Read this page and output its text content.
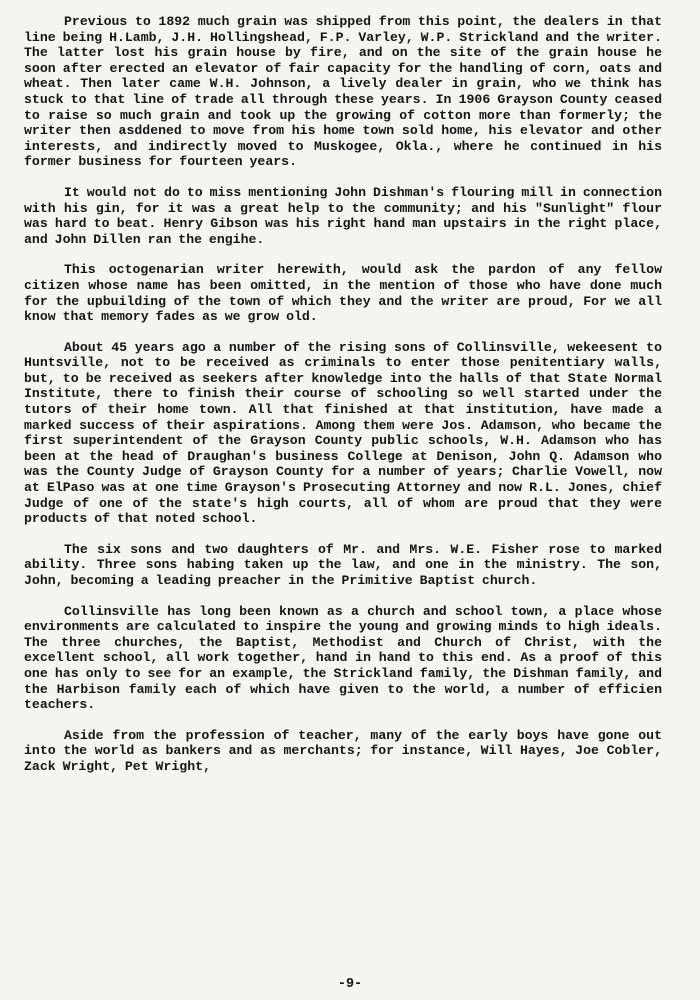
Previous to 1892 much grain was shipped from this point, the dealers in that line being H.Lamb, J.H. Hollingshead, F.P. Varley, W.P. Strickland and the writer. The latter lost his grain house by fire, and on the site of the grain house he soon after erected an elevator of fair capacity for the handling of corn, oats and wheat. Then later came W.H. Johnson, a lively dealer in grain, who we think has stuck to that line of trade all through these years. In 1906 Grayson County ceased to raise so much grain and took up the growing of cotton more than formerly; the writer then asddened to move from his home town sold home, his elevator and other interests, and indirectly moved to Muskogee, Okla., where he continued in his former business for fourteen years.

It would not do to miss mentioning John Dishman's flouring mill in connection with his gin, for it was a great help to the community; and his "Sunlight" flour was hard to beat. Henry Gibson was his right hand man upstairs in the right place, and John Dillen ran the engihe.

This octogenarian writer herewith, would ask the pardon of any fellow citizen whose name has been omitted, in the mention of those who have done much for the upbuilding of the town of which they and the writer are proud, For we all know that memory fades as we grow old.

About 45 years ago a number of the rising sons of Collinsville, wekeesent to Huntsville, not to be received as criminals to enter those penitentiary walls, but, to be received as seekers after knowledge into the halls of that State Normal Institute, there to finish their course of schooling so well started under the tutors of their home town. All that finished at that institution, have made a marked success of their aspirations. Among them were Jos. Adamson, who became the first superintendent of the Grayson County public schools, W.H. Adamson who has been at the head of Draughan's business College at Denison, John Q. Adamson who was the County Judge of Grayson County for a number of years; Charlie Vowell, now at ElPaso was at one time Grayson's Prosecuting Attorney and now R.L. Jones, chief Judge of one of the state's high courts, all of whom are proud that they were products of that noted school.

The six sons and two daughters of Mr. and Mrs. W.E. Fisher rose to marked ability. Three sons habing taken up the law, and one in the ministry. The son, John, becoming a leading preacher in the Primitive Baptist church.

Collinsville has long been known as a church and school town, a place whose environments are calculated to inspire the young and growing minds to high ideals. The three churches, the Baptist, Methodist and Church of Christ, with the excellent school, all work together, hand in hand to this end. As a proof of this one has only to see for an example, the Strickland family, the Dishman family, and the Harbison family each of which have given to the world, a number of efficien teachers.

Aside from the profession of teacher, many of the early boys have gone out into the world as bankers and as merchants; for instance, Will Hayes, Joe Cobler, Zack Wright, Pet Wright,

-9-
